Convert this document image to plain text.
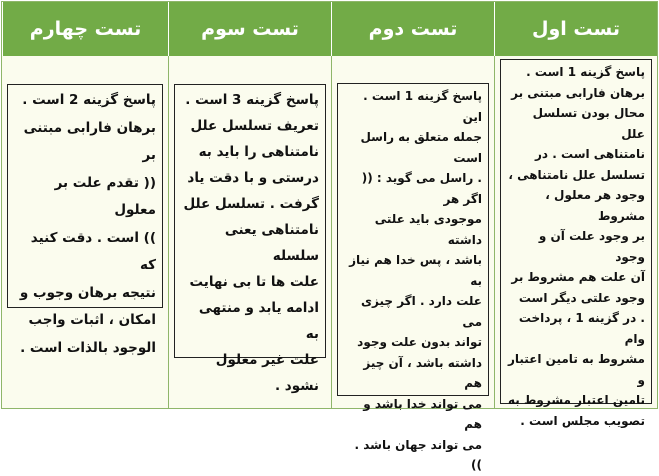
تست اول
تست دوم
تست سوم
تست چهارم
پاسخ گزینه 1 است .
برهان فارابی مبتنی بر
محال بودن تسلسل علل
نامتناهی است . در
تسلسل علل نامتناهی ،
وجود هر معلول ، مشروط
بر وجود علت آن و وجود
آن علت هم مشروط بر
وجود علتی دیگر است
. در گزینه 1 ، پرداخت وام
مشروط به تامین اعتبار و
تامین اعتبار مشروط به
تصویب مجلس است .
پاسخ گزینه 1 است . این
جمله متعلق به راسل است
. راسل می گوید : (( اگر هر
موجودی باید علتی داشته
باشد ، پس خدا هم نیاز به
علت دارد . اگر چیزی می
تواند بدون علت وجود
داشته باشد ، آن چیز هم
می تواند خدا باشد و هم
می تواند جهان باشد . ))
پاسخ گزینه 3 است .
تعریف تسلسل علل
نامتناهی را باید به
درستی و با دقت یاد
گرفت . تسلسل علل
نامتناهی یعنی سلسله
علت ها تا بی نهایت
ادامه یابد و منتهی به
علت غیر معلول نشود .
پاسخ گزینه 2 است .
برهان فارابی مبتنی بر
(( تقدم علت بر معلول
)) است . دقت کنید که
نتیجه برهان وجوب و
امکان ، اثبات واجب
الوجود بالذات است .
